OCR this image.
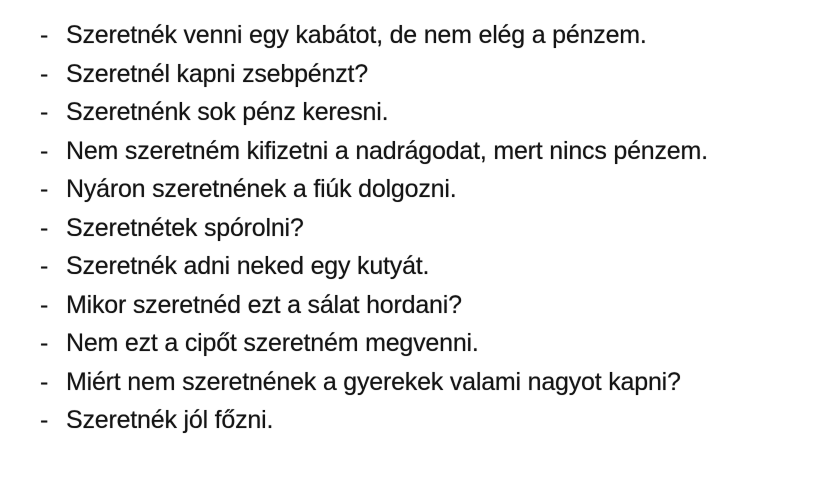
- Szeretnék venni egy kabátot, de nem elég a pénzem.
- Szeretnél kapni zsebpénzt?
- Szeretnénk sok pénz keresni.
- Nem szeretném kifizetni a nadrágodat, mert nincs pénzem.
- Nyáron szeretnének a fiúk dolgozni.
- Szeretnétek spórolni?
- Szeretnék adni neked egy kutyát.
- Mikor szeretnéd ezt a sálat hordani?
- Nem ezt a cipőt szeretném megvenni.
- Miért nem szeretnének a gyerekek valami nagyot kapni?
- Szeretnék jól főzni.
